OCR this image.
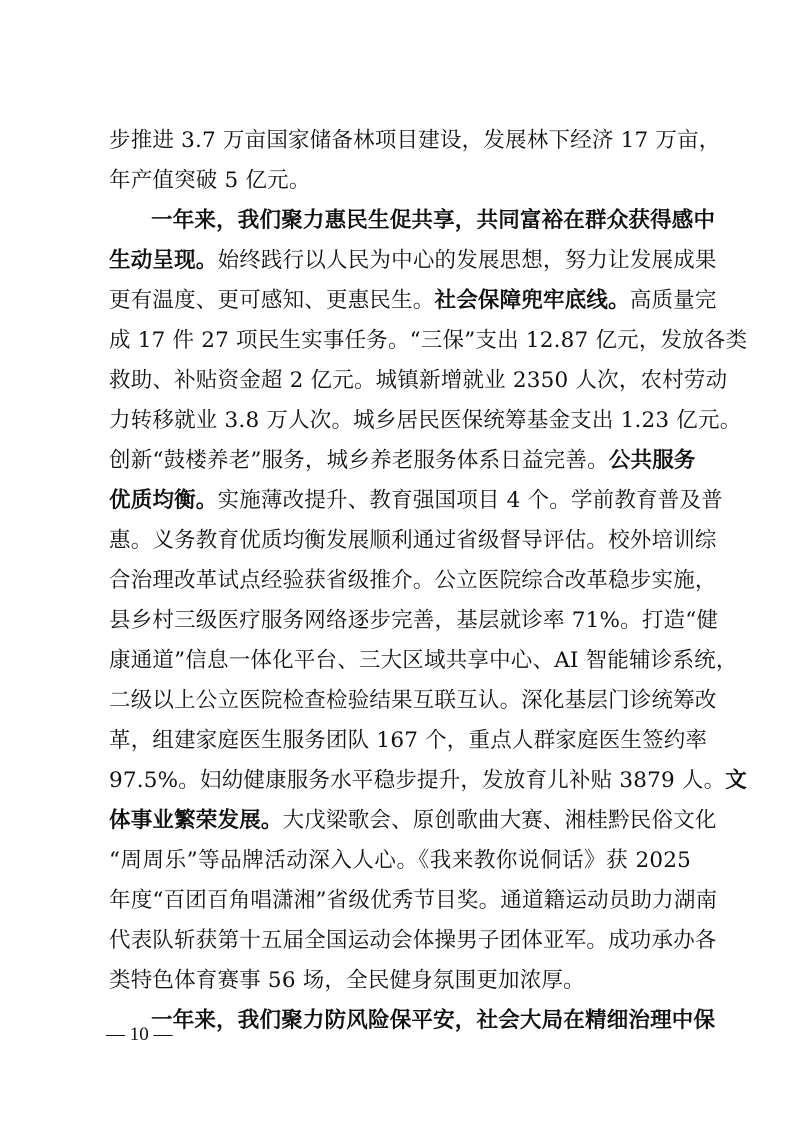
步推进 3.7 万亩国家储备林项目建设，发展林下经济 17 万亩，
年产值突破 5 亿元。
一年来，我们聚力惠民生促共享，共同富裕在群众获得感中
生动呈现。始终践行以人民为中心的发展思想，努力让发展成果
更有温度、更可感知、更惠民生。社会保障兜牢底线。高质量完
成 17 件 27 项民生实事任务。“三保”支出 12.87 亿元，发放各类
救助、补贴资金超 2 亿元。城镇新增就业 2350 人次，农村劳动
力转移就业 3.8 万人次。城乡居民医保统筹基金支出 1.23 亿元。
创新“鼓楼养老”服务，城乡养老服务体系日益完善。公共服务
优质均衡。实施薄改提升、教育强国项目 4 个。学前教育普及普
惠。义务教育优质均衡发展顺利通过省级督导评估。校外培训综
合治理改革试点经验获省级推介。公立医院综合改革稳步实施，
县乡村三级医疗服务网络逐步完善，基层就诊率 71%。打造“健
康通道”信息一体化平台、三大区域共享中心、AI 智能辅诊系统，
二级以上公立医院检查检验结果互联互认。深化基层门诊统筹改
革，组建家庭医生服务团队 167 个，重点人群家庭医生签约率
97.5%。妇幼健康服务水平稳步提升，发放育儿补贴 3879 人。文
体事业繁荣发展。大戊梁歌会、原创歌曲大赛、湘桂黔民俗文化
“周周乐”等品牌活动深入人心。《我来教你说侗话》获 2025
年度“百团百角唱潇湘”省级优秀节目奖。通道籍运动员助力湖南
代表队斩获第十五届全国运动会体操男子团体亚军。成功承办各
类特色体育赛事 56 场，全民健身氛围更加浓厚。
一年来，我们聚力防风险保平安，社会大局在精细治理中保
— 10 —
